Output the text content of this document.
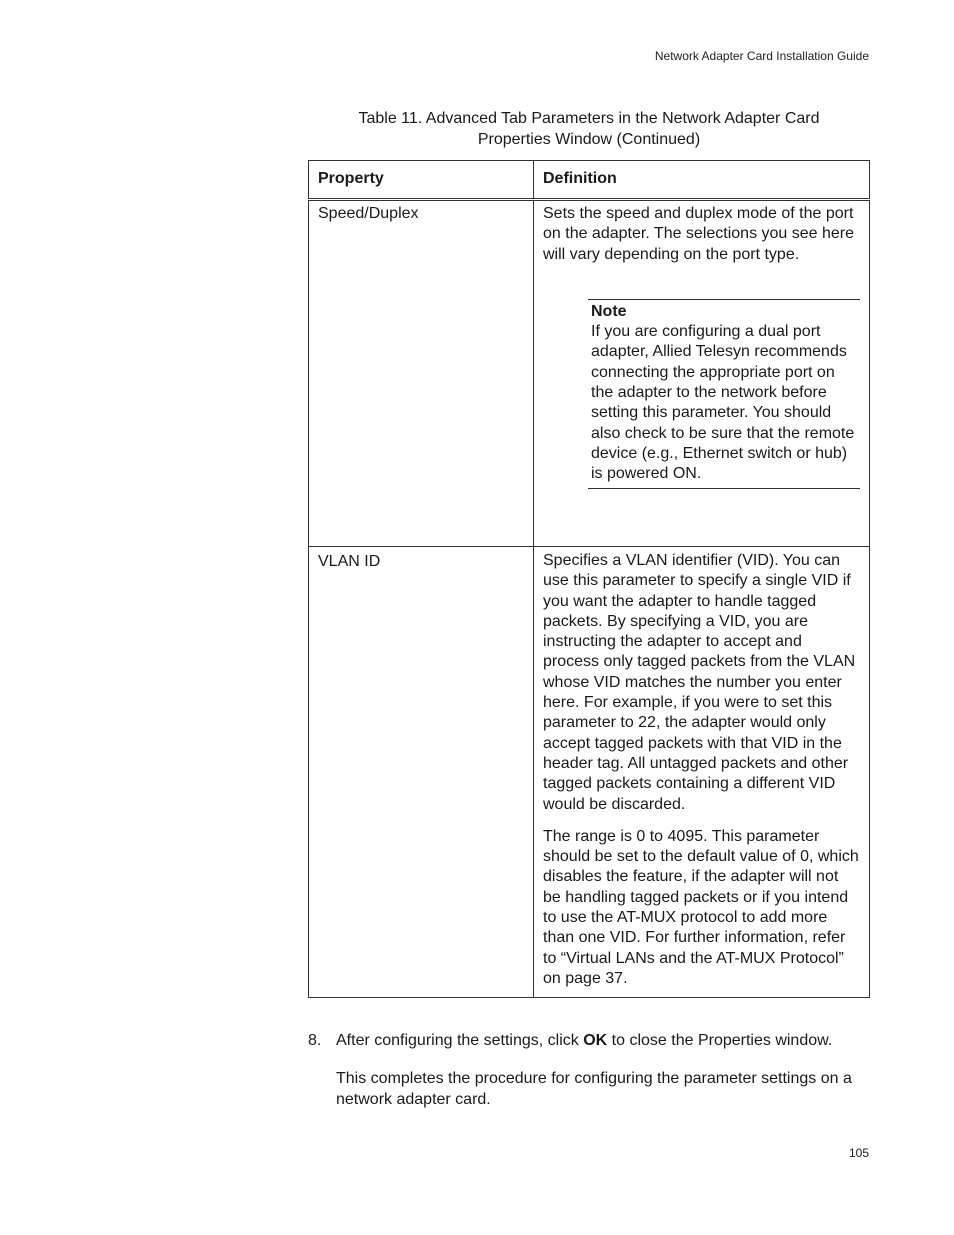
Network Adapter Card Installation Guide
Table 11. Advanced Tab Parameters in the Network Adapter Card
Properties Window (Continued)
Property	Definition

Speed/Duplex	Sets the speed and duplex mode of the port on the adapter. The selections you see here will vary depending on the port type.

Note
If you are configuring a dual port adapter, Allied Telesyn recommends connecting the appropriate port on the adapter to the network before setting this parameter. You should also check to be sure that the remote device (e.g., Ethernet switch or hub) is powered ON.

VLAN ID	Specifies a VLAN identifier (VID). You can use this parameter to specify a single VID if you want the adapter to handle tagged packets. By specifying a VID, you are instructing the adapter to accept and process only tagged packets from the VLAN whose VID matches the number you enter here. For example, if you were to set this parameter to 22, the adapter would only accept tagged packets with that VID in the header tag. All untagged packets and other tagged packets containing a different VID would be discarded.

The range is 0 to 4095. This parameter should be set to the default value of 0, which disables the feature, if the adapter will not be handling tagged packets or if you intend to use the AT-MUX protocol to add more than one VID. For further information, refer to “Virtual LANs and the AT-MUX Protocol” on page 37.

8. After configuring the settings, click OK to close the Properties window.
This completes the procedure for configuring the parameter settings on a network adapter card.
105
